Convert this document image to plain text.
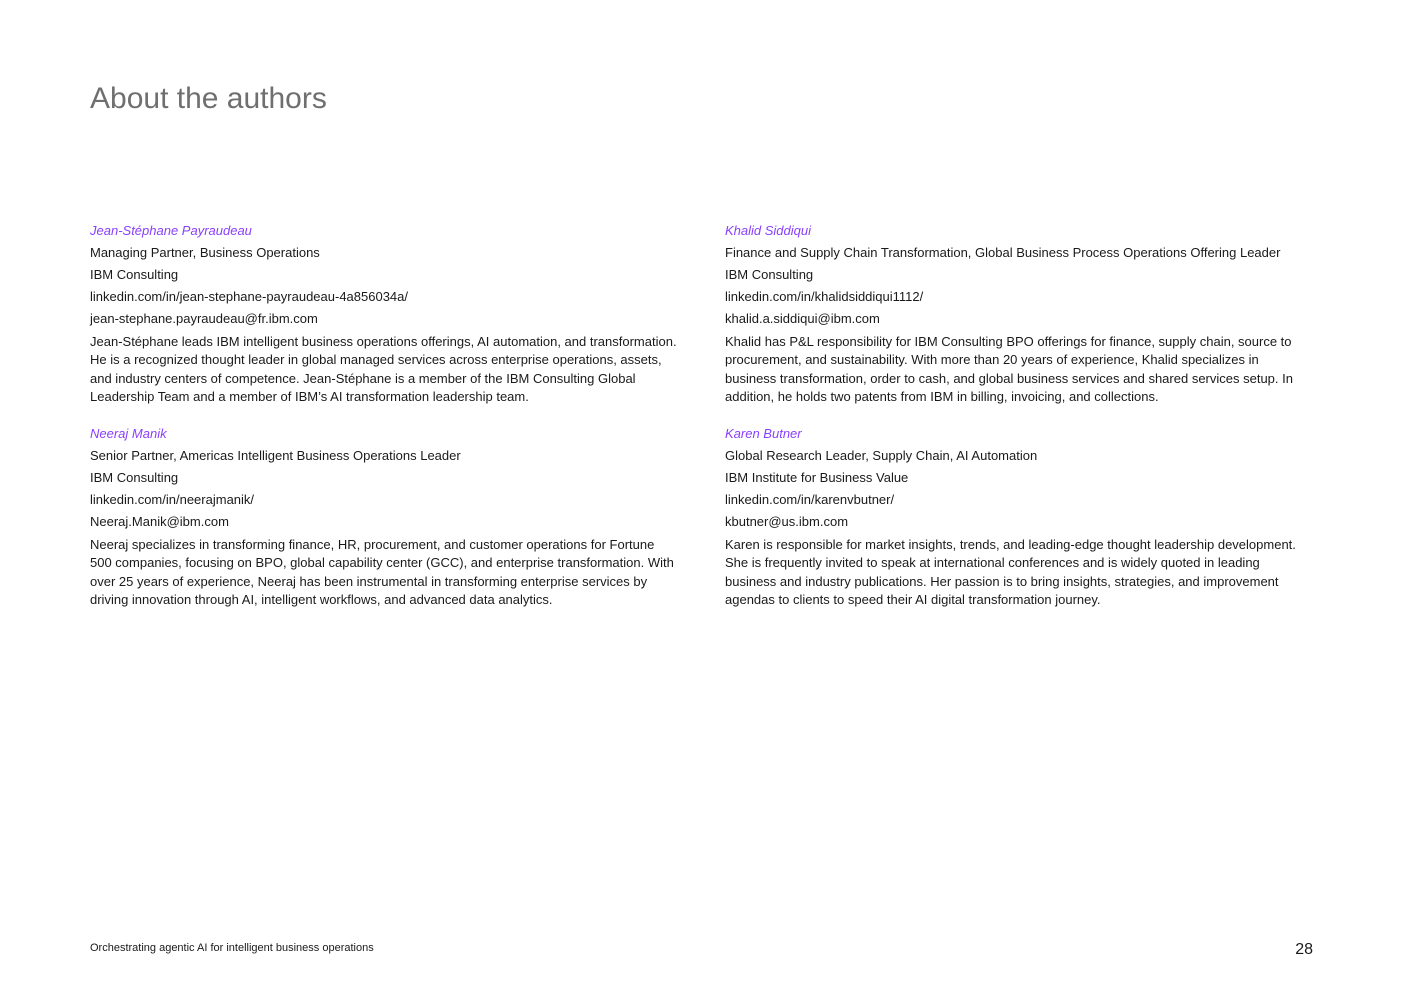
About the authors
Jean-Stéphane Payraudeau
Managing Partner, Business Operations
IBM Consulting
linkedin.com/in/jean-stephane-payraudeau-4a856034a/
jean-stephane.payraudeau@fr.ibm.com

Jean-Stéphane leads IBM intelligent business operations offerings, AI automation, and transformation. He is a recognized thought leader in global managed services across enterprise operations, assets, and industry centers of competence. Jean-Stéphane is a member of the IBM Consulting Global Leadership Team and a member of IBM’s AI transformation leadership team.

Khalid Siddiqui
Finance and Supply Chain Transformation, Global Business Process Operations Offering Leader
IBM Consulting
linkedin.com/in/khalidsiddiqui1112/
khalid.a.siddiqui@ibm.com

Khalid has P&L responsibility for IBM Consulting BPO offerings for finance, supply chain, source to procurement, and sustainability. With more than 20 years of experience, Khalid specializes in business transformation, order to cash, and global business services and shared services setup. In addition, he holds two patents from IBM in billing, invoicing, and collections.

Neeraj Manik
Senior Partner, Americas Intelligent Business Operations Leader
IBM Consulting
linkedin.com/in/neerajmanik/
Neeraj.Manik@ibm.com

Neeraj specializes in transforming finance, HR, procurement, and customer operations for Fortune 500 companies, focusing on BPO, global capability center (GCC), and enterprise transformation. With over 25 years of experience, Neeraj has been instrumental in transforming enterprise services by driving innovation through AI, intelligent workflows, and advanced data analytics.

Karen Butner
Global Research Leader, Supply Chain, AI Automation
IBM Institute for Business Value
linkedin.com/in/karenvbutner/
kbutner@us.ibm.com

Karen is responsible for market insights, trends, and leading-edge thought leadership development. She is frequently invited to speak at international conferences and is widely quoted in leading business and industry publications. Her passion is to bring insights, strategies, and improvement agendas to clients to speed their AI digital transformation journey.

Orchestrating agentic AI for intelligent business operations	28
